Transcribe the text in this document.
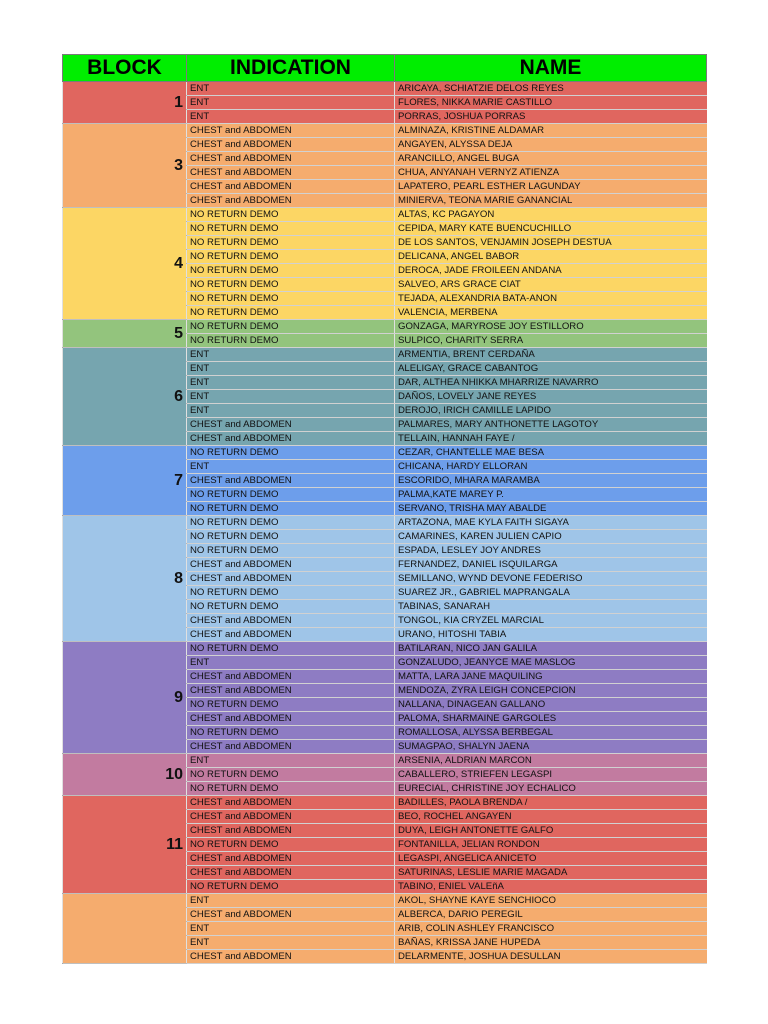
BLOCK	INDICATION	NAME
1	ENT	ARICAYA, SCHIATZIE DELOS REYES
	ENT	FLORES, NIKKA MARIE CASTILLO
	ENT	PORRAS, JOSHUA PORRAS
3	CHEST and ABDOMEN	ALMINAZA, KRISTINE ALDAMAR
	CHEST and ABDOMEN	ANGAYEN, ALYSSA DEJA
	CHEST and ABDOMEN	ARANCILLO, ANGEL BUGA
	CHEST and ABDOMEN	CHUA, ANYANAH VERNYZ ATIENZA
	CHEST and ABDOMEN	LAPATERO, PEARL ESTHER LAGUNDAY
	CHEST and ABDOMEN	MINIERVA, TEONA MARIE GANANCIAL
4	NO RETURN DEMO	ALTAS, KC PAGAYON
	NO RETURN DEMO	CEPIDA, MARY KATE BUENCUCHILLO
	NO RETURN DEMO	DE LOS SANTOS, VENJAMIN JOSEPH DESTUA
	NO RETURN DEMO	DELICANA, ANGEL BABOR
	NO RETURN DEMO	DEROCA, JADE FROILEEN ANDANA
	NO RETURN DEMO	SALVEO, ARS GRACE CIAT
	NO RETURN DEMO	TEJADA, ALEXANDRIA BATA-ANON
	NO RETURN DEMO	VALENCIA, MERBENA
5	NO RETURN DEMO	GONZAGA, MARYROSE JOY ESTILLORO
	NO RETURN DEMO	SULPICO, CHARITY SERRA
6	ENT	ARMENTIA, BRENT CERDAÑA
	ENT	ALELIGAY, GRACE CABANTOG
	ENT	DAR, ALTHEA NHIKKA MHARRIZE NAVARRO
	ENT	DAÑOS, LOVELY JANE REYES
	ENT	DEROJO, IRICH CAMILLE LAPIDO
	CHEST and ABDOMEN	PALMARES, MARY ANTHONETTE LAGOTOY
	CHEST and ABDOMEN	TELLAIN, HANNAH FAYE /
7	NO RETURN DEMO	CEZAR, CHANTELLE MAE BESA
	ENT	CHICANA, HARDY ELLORAN
	CHEST and ABDOMEN	ESCORIDO, MHARA MARAMBA
	NO RETURN DEMO	PALMA,KATE MAREY P.
	NO RETURN DEMO	SERVANO, TRISHA MAY ABALDE
8	NO RETURN DEMO	ARTAZONA, MAE KYLA FAITH SIGAYA
	NO RETURN DEMO	CAMARINES, KAREN JULIEN CAPIO
	NO RETURN DEMO	ESPADA, LESLEY JOY ANDRES
	CHEST and ABDOMEN	FERNANDEZ, DANIEL ISQUILARGA
	CHEST and ABDOMEN	SEMILLANO, WYND DEVONE FEDERISO
	NO RETURN DEMO	SUAREZ JR., GABRIEL MAPRANGALA
	NO RETURN DEMO	TABINAS, SANARAH
	CHEST and ABDOMEN	TONGOL, KIA CRYZEL MARCIAL
	CHEST and ABDOMEN	URANO, HITOSHI TABIA
9	NO RETURN DEMO	BATILARAN, NICO JAN GALILA
	ENT	GONZALUDO, JEANYCE MAE MASLOG
	CHEST and ABDOMEN	MATTA, LARA JANE MAQUILING
	CHEST and ABDOMEN	MENDOZA, ZYRA LEIGH CONCEPCION
	NO RETURN DEMO	NALLANA, DINAGEAN GALLANO
	CHEST and ABDOMEN	PALOMA, SHARMAINE GARGOLES
	NO RETURN DEMO	ROMALLOSA, ALYSSA BERBEGAL
	CHEST and ABDOMEN	SUMAGPAO, SHALYN JAENA
10	ENT	ARSENIA, ALDRIAN MARCON
	NO RETURN DEMO	CABALLERO, STRIEFEN LEGASPI
	NO RETURN DEMO	EURECIAL, CHRISTINE JOY ECHALICO
11	CHEST and ABDOMEN	BADILLES, PAOLA BRENDA /
	CHEST and ABDOMEN	BEO, ROCHEL ANGAYEN
	CHEST and ABDOMEN	DUYA, LEIGH ANTONETTE GALFO
	NO RETURN DEMO	FONTANILLA, JELIAN RONDON
	CHEST and ABDOMEN	LEGASPI, ANGELICA ANICETO
	CHEST and ABDOMEN	SATURINAS, LESLIE MARIE MAGADA
	NO RETURN DEMO	TABINO, ENIEL VALEñA
	ENT	AKOL, SHAYNE KAYE SENCHIOCO
	CHEST and ABDOMEN	ALBERCA, DARIO PEREGIL
	ENT	ARIB, COLIN ASHLEY FRANCISCO
	ENT	BAÑAS, KRISSA JANE HUPEDA
	CHEST and ABDOMEN	DELARMENTE, JOSHUA DESULLAN
